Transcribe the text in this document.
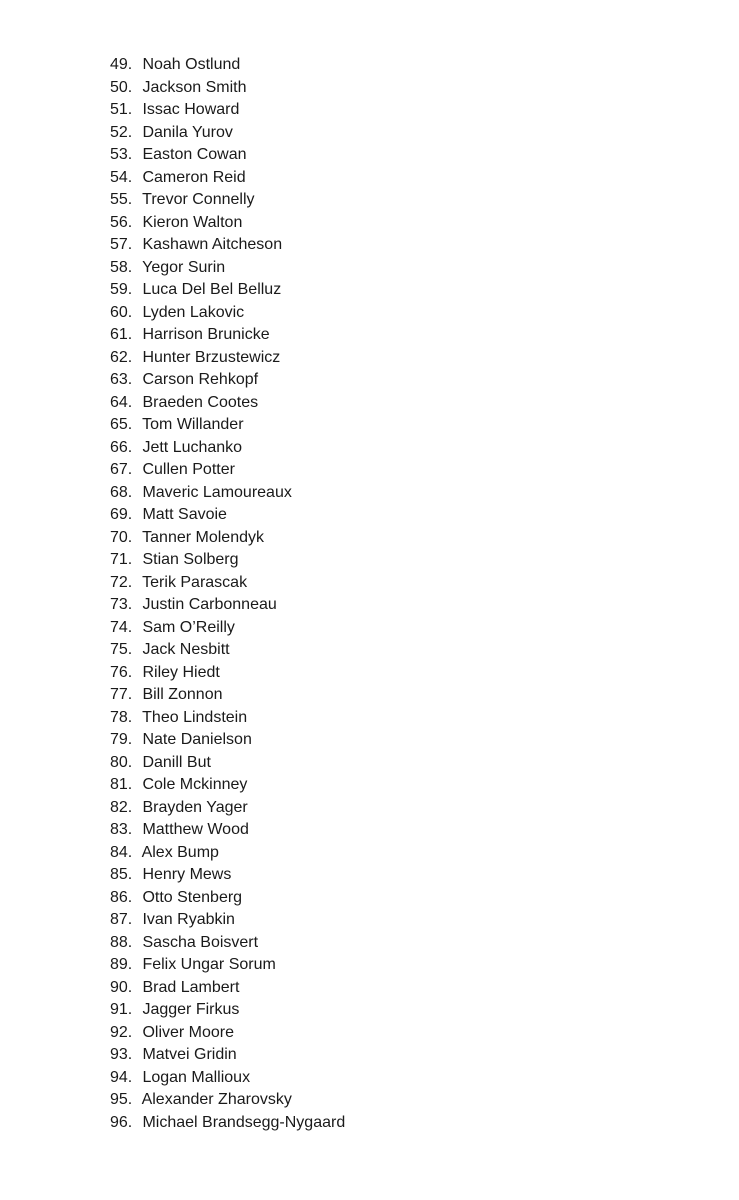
49. Noah Ostlund
50. Jackson Smith
51. Issac Howard
52. Danila Yurov
53. Easton Cowan
54. Cameron Reid
55. Trevor Connelly
56. Kieron Walton
57. Kashawn Aitcheson
58. Yegor Surin
59. Luca Del Bel Belluz
60. Lyden Lakovic
61. Harrison Brunicke
62. Hunter Brzustewicz
63. Carson Rehkopf
64. Braeden Cootes
65. Tom Willander
66. Jett Luchanko
67. Cullen Potter
68. Maveric Lamoureaux
69. Matt Savoie
70. Tanner Molendyk
71. Stian Solberg
72. Terik Parascak
73. Justin Carbonneau
74. Sam O’Reilly
75. Jack Nesbitt
76. Riley Hiedt
77. Bill Zonnon
78. Theo Lindstein
79. Nate Danielson
80. Danill But
81. Cole Mckinney
82. Brayden Yager
83. Matthew Wood
84. Alex Bump
85. Henry Mews
86. Otto Stenberg
87. Ivan Ryabkin
88. Sascha Boisvert
89. Felix Ungar Sorum
90. Brad Lambert
91. Jagger Firkus
92. Oliver Moore
93. Matvei Gridin
94. Logan Mallioux
95. Alexander Zharovsky
96. Michael Brandsegg-Nygaard
